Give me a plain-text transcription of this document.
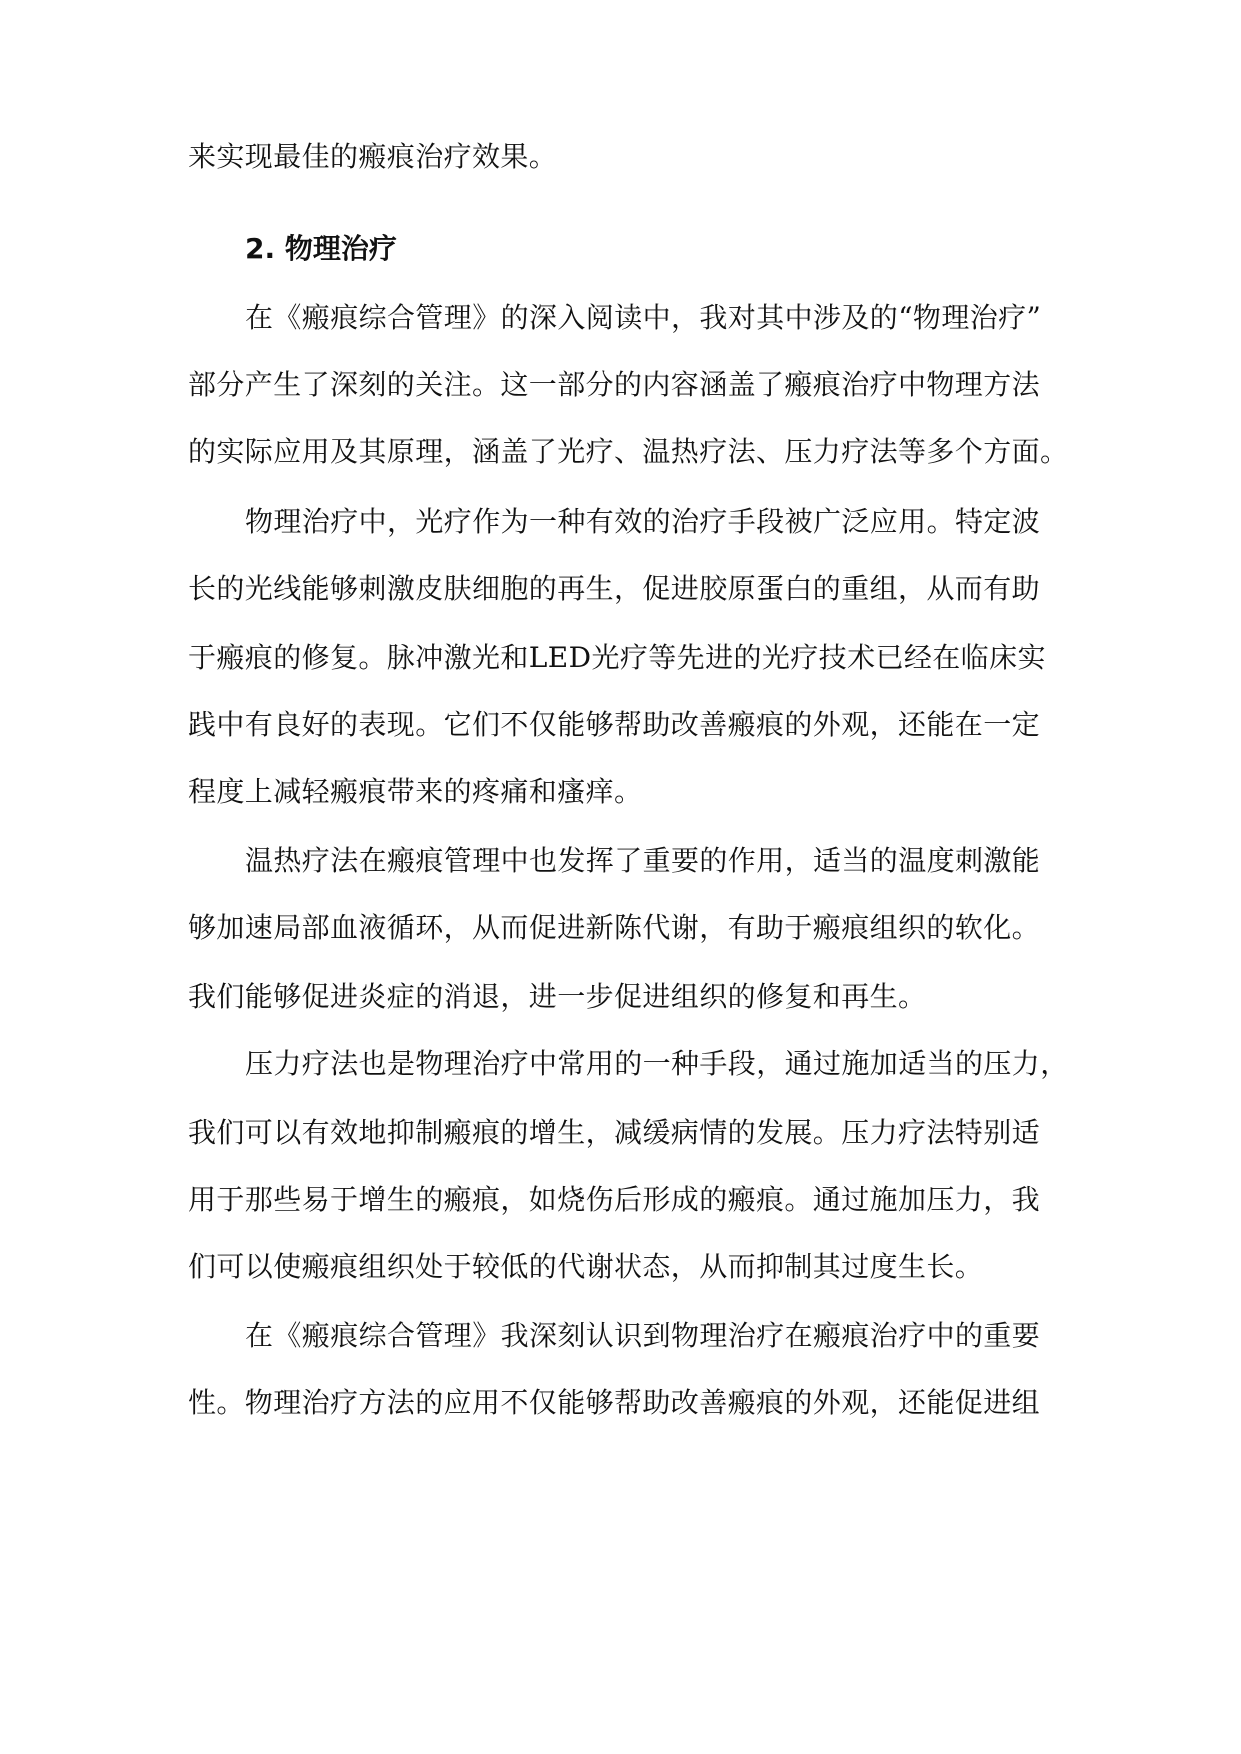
来实现最佳的瘢痕治疗效果。
2. 物理治疗
在《瘢痕综合管理》的深入阅读中，我对其中涉及的“物理治疗”
部分产生了深刻的关注。这一部分的内容涵盖了瘢痕治疗中物理方法
的实际应用及其原理，涵盖了光疗、温热疗法、压力疗法等多个方面。
物理治疗中，光疗作为一种有效的治疗手段被广泛应用。特定波
长的光线能够刺激皮肤细胞的再生，促进胶原蛋白的重组，从而有助
于瘢痕的修复。脉冲激光和LED光疗等先进的光疗技术已经在临床实
践中有良好的表现。它们不仅能够帮助改善瘢痕的外观，还能在一定
程度上减轻瘢痕带来的疼痛和瘙痒。
温热疗法在瘢痕管理中也发挥了重要的作用，适当的温度刺激能
够加速局部血液循环，从而促进新陈代谢，有助于瘢痕组织的软化。
我们能够促进炎症的消退，进一步促进组织的修复和再生。
压力疗法也是物理治疗中常用的一种手段，通过施加适当的压力，
我们可以有效地抑制瘢痕的增生，减缓病情的发展。压力疗法特别适
用于那些易于增生的瘢痕，如烧伤后形成的瘢痕。通过施加压力，我
们可以使瘢痕组织处于较低的代谢状态，从而抑制其过度生长。
在《瘢痕综合管理》我深刻认识到物理治疗在瘢痕治疗中的重要
性。物理治疗方法的应用不仅能够帮助改善瘢痕的外观，还能促进组
